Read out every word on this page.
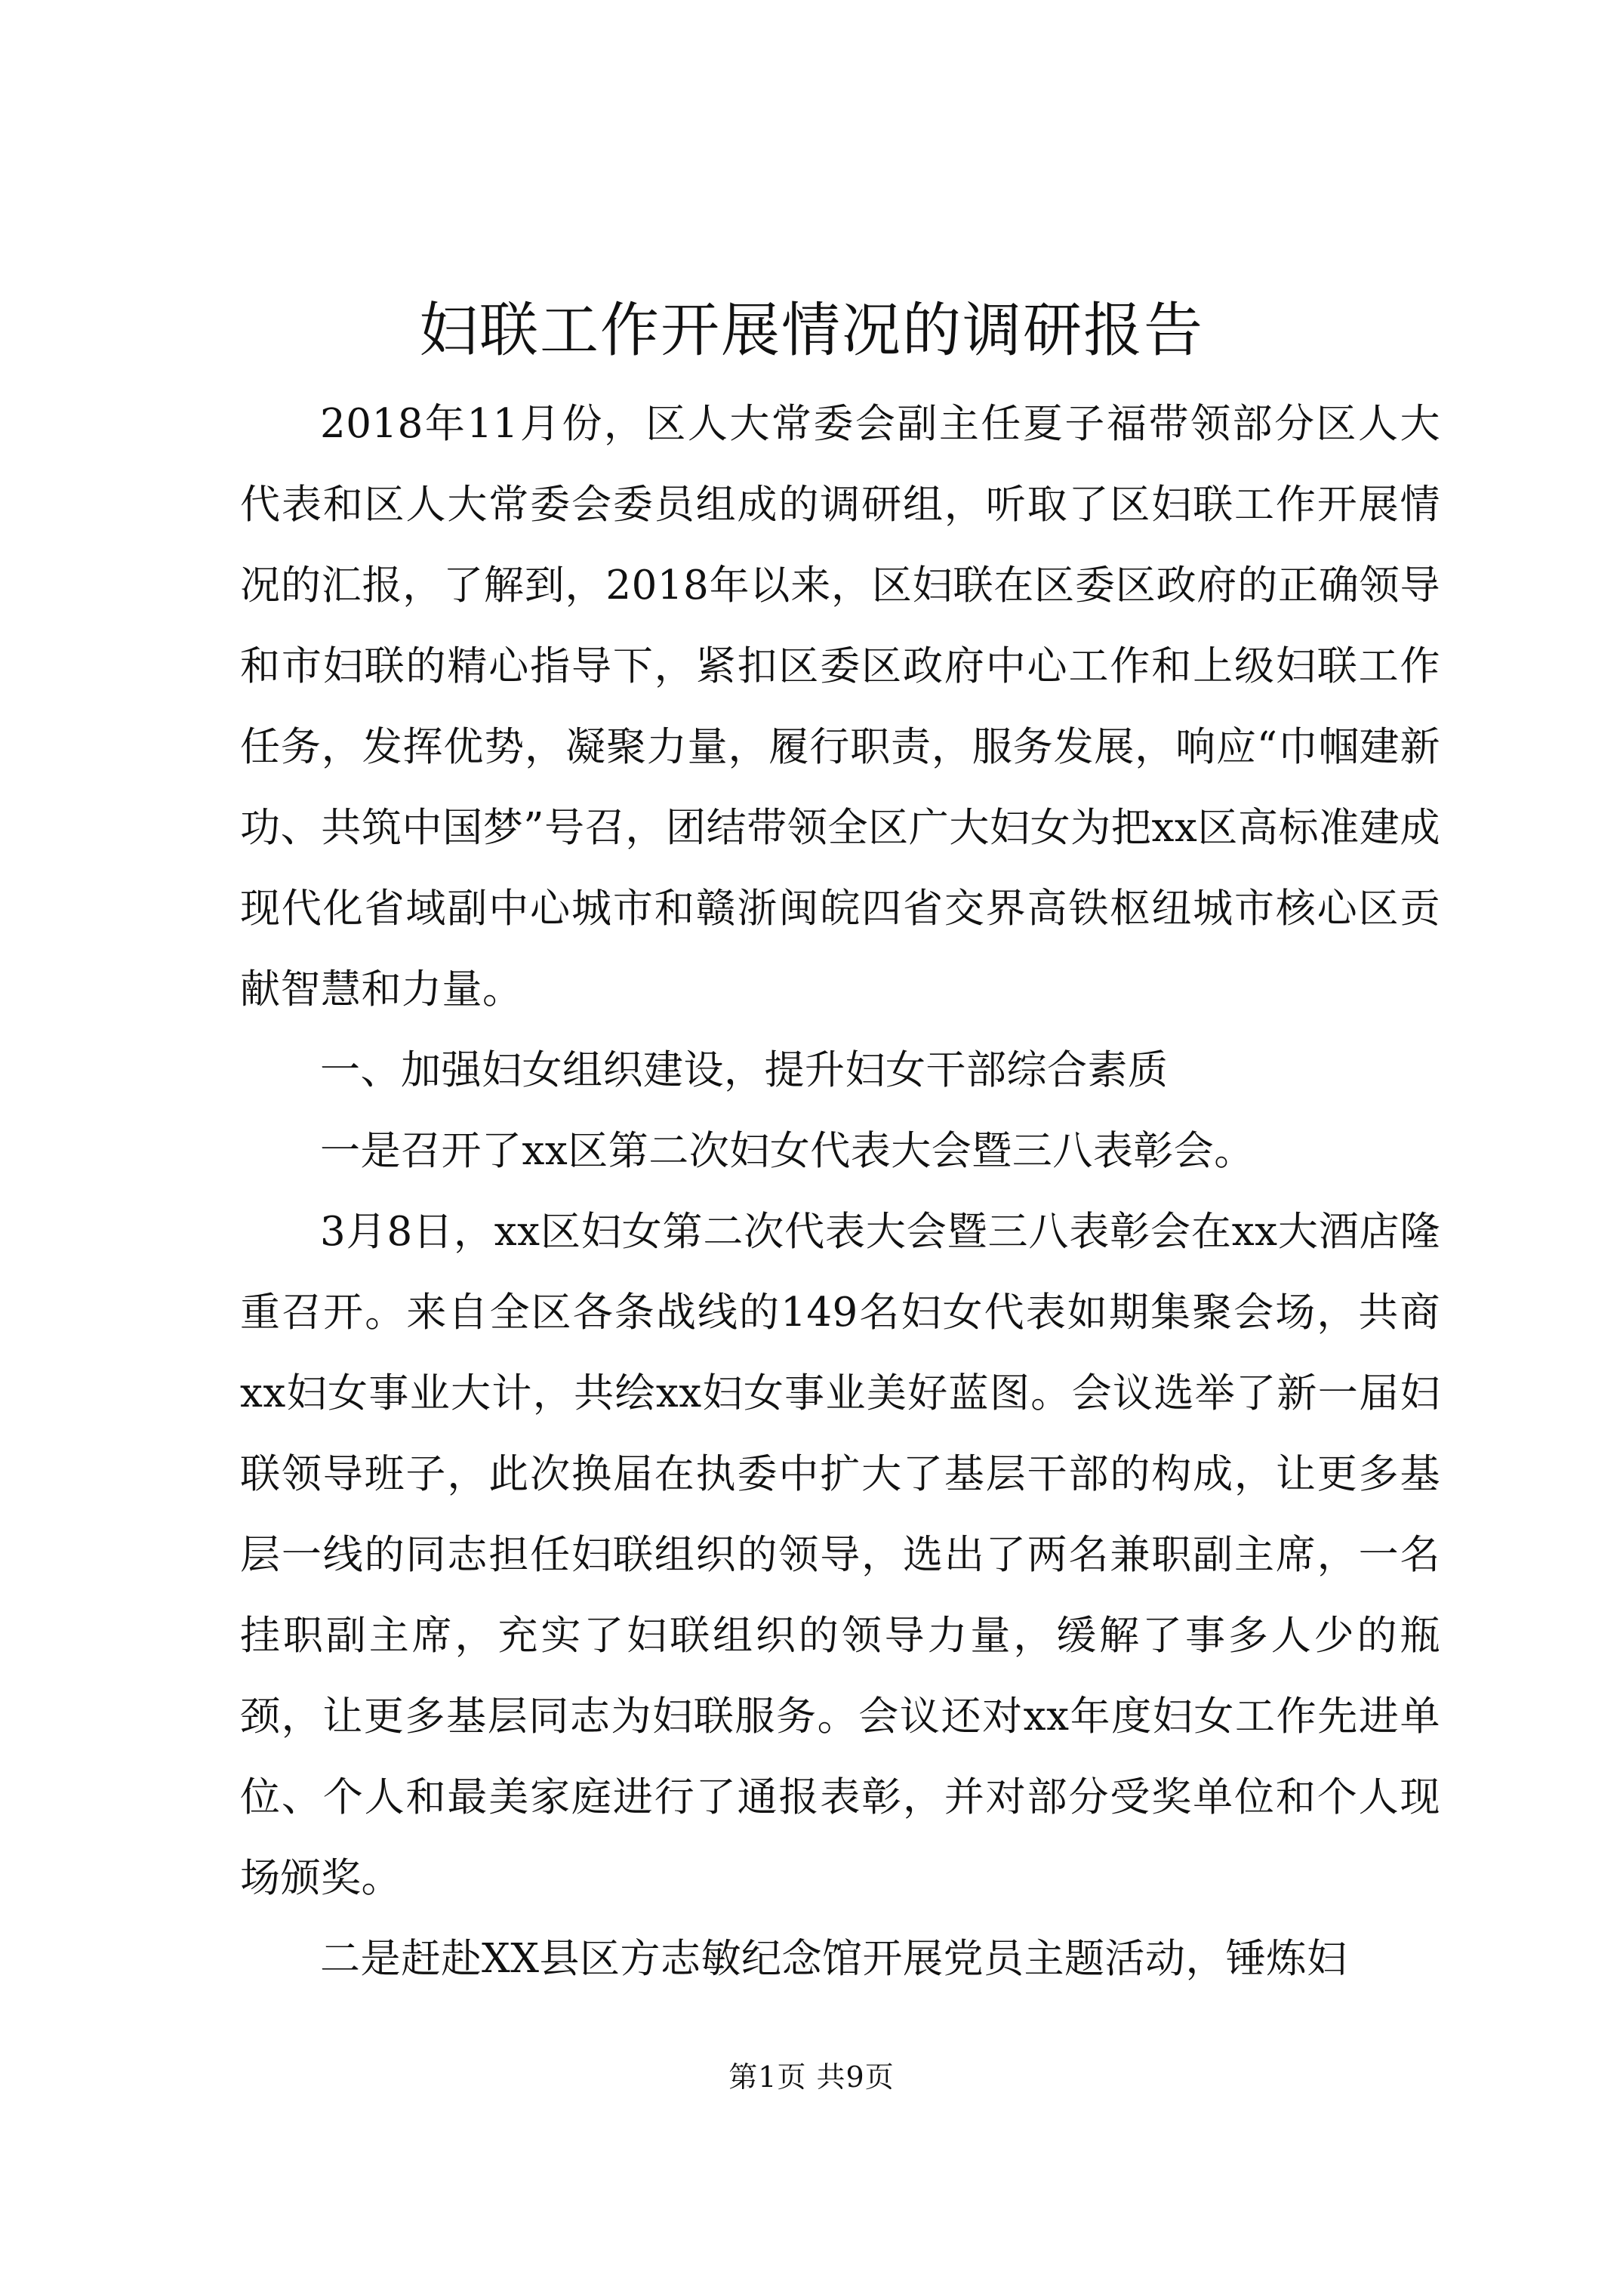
妇联工作开展情况的调研报告

2018年11月份，区人大常委会副主任夏子福带领部分区人大代表和区人大常委会委员组成的调研组，听取了区妇联工作开展情况的汇报，了解到，2018年以来，区妇联在区委区政府的正确领导和市妇联的精心指导下，紧扣区委区政府中心工作和上级妇联工作任务，发挥优势，凝聚力量，履行职责，服务发展，响应“巾帼建新功、共筑中国梦”号召，团结带领全区广大妇女为把xx区高标准建成现代化省域副中心城市和赣浙闽皖四省交界高铁枢纽城市核心区贡献智慧和力量。

一、加强妇女组织建设，提升妇女干部综合素质

一是召开了xx区第二次妇女代表大会暨三八表彰会。

3月8日，xx区妇女第二次代表大会暨三八表彰会在xx大酒店隆重召开。来自全区各条战线的149名妇女代表如期集聚会场，共商xx妇女事业大计，共绘xx妇女事业美好蓝图。会议选举了新一届妇联领导班子，此次换届在执委中扩大了基层干部的构成，让更多基层一线的同志担任妇联组织的领导，选出了两名兼职副主席，一名挂职副主席，充实了妇联组织的领导力量，缓解了事多人少的瓶颈，让更多基层同志为妇联服务。会议还对xx年度妇女工作先进单位、个人和最美家庭进行了通报表彰，并对部分受奖单位和个人现场颁奖。

二是赶赴XX县区方志敏纪念馆开展党员主题活动，锤炼妇

第1页 共9页
